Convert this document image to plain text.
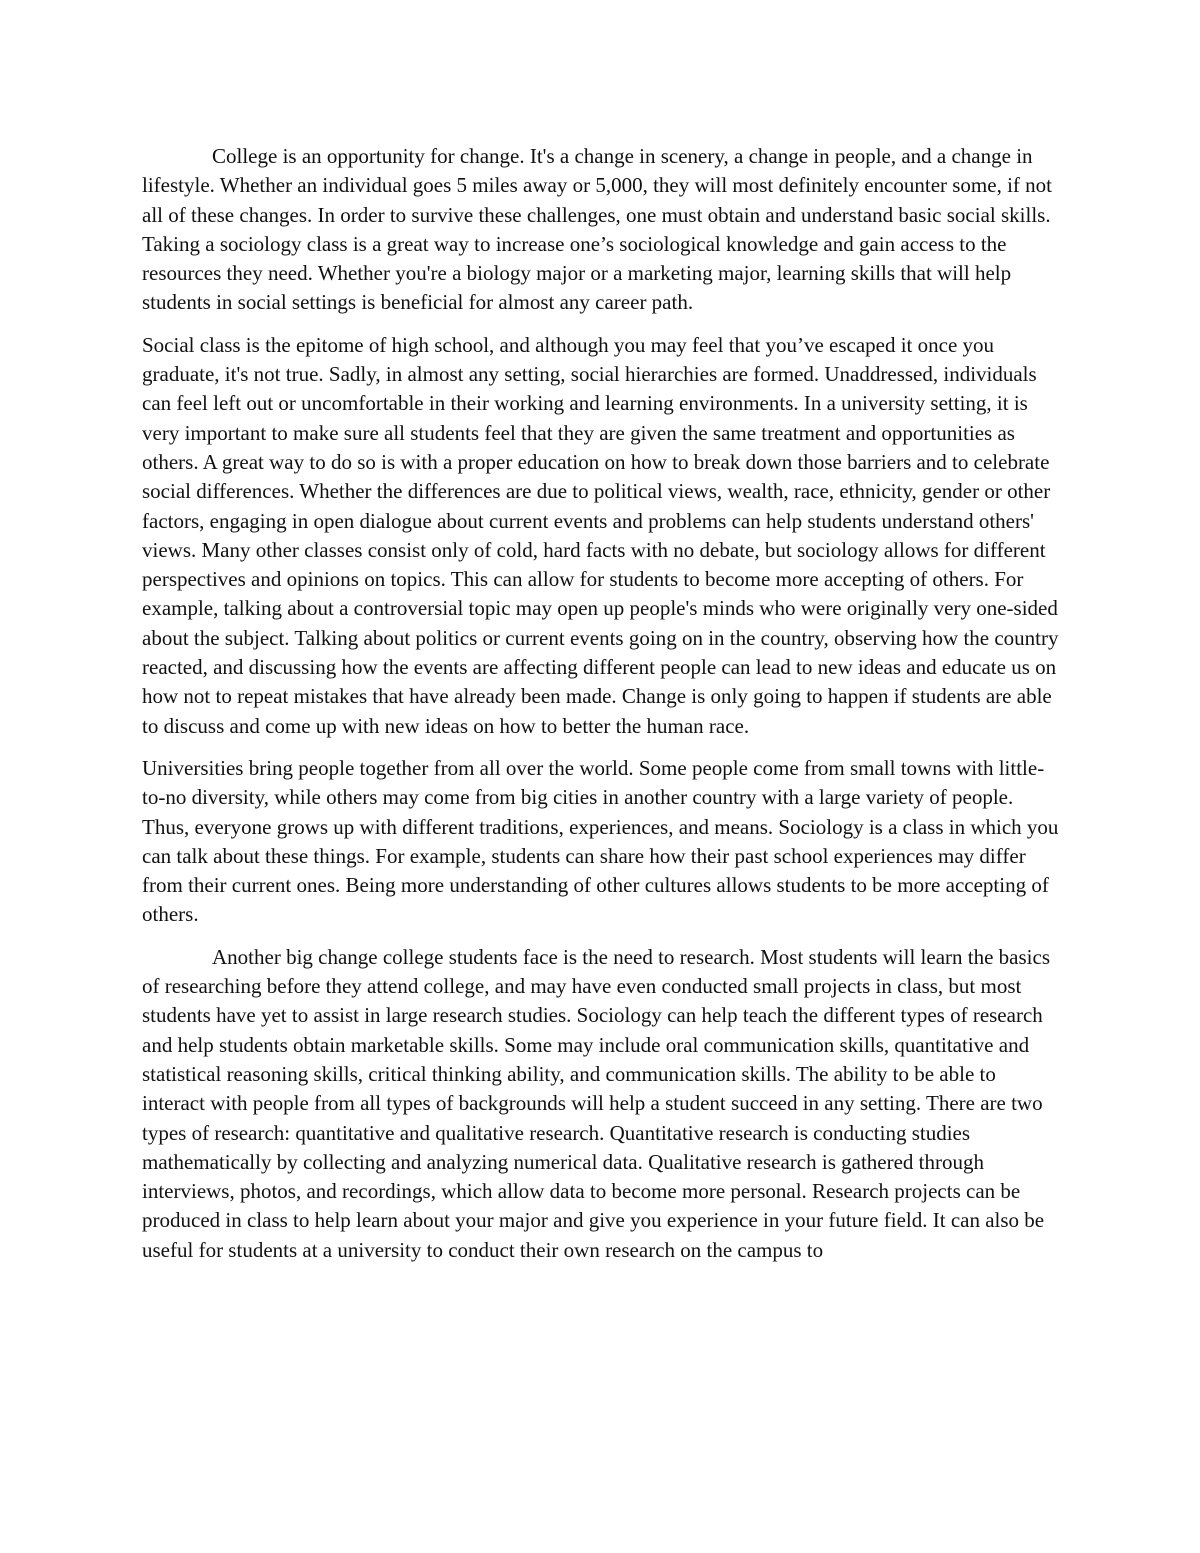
College is an opportunity for change. It's a change in scenery, a change in people, and a change in lifestyle. Whether an individual goes 5 miles away or 5,000, they will most definitely encounter some, if not all of these changes. In order to survive these challenges, one must obtain and understand basic social skills. Taking a sociology class is a great way to increase one’s sociological knowledge and gain access to the resources they need. Whether you're a biology major or a marketing major, learning skills that will help students in social settings is beneficial for almost any career path.

Social class is the epitome of high school, and although you may feel that you’ve escaped it once you graduate, it's not true. Sadly, in almost any setting, social hierarchies are formed. Unaddressed, individuals can feel left out or uncomfortable in their working and learning environments. In a university setting, it is very important to make sure all students feel that they are given the same treatment and opportunities as others. A great way to do so is with a proper education on how to break down those barriers and to celebrate social differences. Whether the differences are due to political views, wealth, race, ethnicity, gender or other factors, engaging in open dialogue about current events and problems can help students understand others' views. Many other classes consist only of cold, hard facts with no debate, but sociology allows for different perspectives and opinions on topics. This can allow for students to become more accepting of others. For example, talking about a controversial topic may open up people's minds who were originally very one-sided about the subject. Talking about politics or current events going on in the country, observing how the country reacted, and discussing how the events are affecting different people can lead to new ideas and educate us on how not to repeat mistakes that have already been made. Change is only going to happen if students are able to discuss and come up with new ideas on how to better the human race.

Universities bring people together from all over the world. Some people come from small towns with little-to-no diversity, while others may come from big cities in another country with a large variety of people. Thus, everyone grows up with different traditions, experiences, and means. Sociology is a class in which you can talk about these things. For example, students can share how their past school experiences may differ from their current ones. Being more understanding of other cultures allows students to be more accepting of others.

Another big change college students face is the need to research. Most students will learn the basics of researching before they attend college, and may have even conducted small projects in class, but most students have yet to assist in large research studies. Sociology can help teach the different types of research and help students obtain marketable skills. Some may include oral communication skills, quantitative and statistical reasoning skills, critical thinking ability, and communication skills. The ability to be able to interact with people from all types of backgrounds will help a student succeed in any setting. There are two types of research: quantitative and qualitative research. Quantitative research is conducting studies mathematically by collecting and analyzing numerical data. Qualitative research is gathered through interviews, photos, and recordings, which allow data to become more personal. Research projects can be produced in class to help learn about your major and give you experience in your future field. It can also be useful for students at a university to conduct their own research on the campus to
